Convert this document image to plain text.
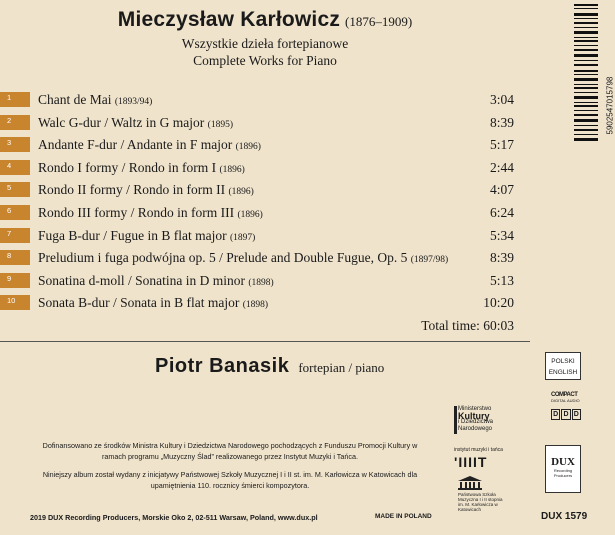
Mieczysław Karłowicz (1876–1909)
Wszystkie dzieła fortepianowe
Complete Works for Piano
1 Chant de Mai (1893/94)	3:04
2 Walc G-dur / Waltz in G major (1895)	8:39
3 Andante F-dur / Andante in F major (1896)	5:17
4 Rondo I formy / Rondo in form I (1896)	2:44
5 Rondo II formy / Rondo in form II (1896)	4:07
6 Rondo III formy / Rondo in form III (1896)	6:24
7 Fuga B-dur / Fugue in B flat major (1897)	5:34
8 Preludium i fuga podwójna op. 5 / Prelude and Double Fugue, Op. 5 (1897/98)	8:39
9 Sonatina d-moll / Sonatina in D minor (1898)	5:13
10 Sonata B-dur / Sonata in B flat major (1898)	10:20
Total time: 60:03
Piotr Banasik fortepian / piano

Dofinansowano ze środków Ministra Kultury i Dziedzictwa Narodowego pochodzących z Funduszu Promocji Kultury w ramach programu „Muzyczny Ślad” realizowanego przez Instytut Muzyki i Tańca.

Niniejszy album został wydany z inicjatywy Państwowej Szkoły Muzycznej I i II st. im. M. Karłowicza w Katowicach dla upamiętnienia 110. rocznicy śmierci kompozytora.

2019 DUX Recording Producers, Morskie Oko 2, 02-511 Warsaw, Poland, www.dux.pl	MADE IN POLAND	DUX 1579
Ministerstwo
Kultury
i Dziedzictwa
Narodowego
instytut muzyki i tańca
'IIIIT
Państwowa Szkoła Muzyczna I i II stopnia im. M. Karłowicza w Katowicach
POLSKI
ENGLISH
COMPACT
DIGITAL AUDIO
D D D
DUX
Recording Producers
5902547015798
